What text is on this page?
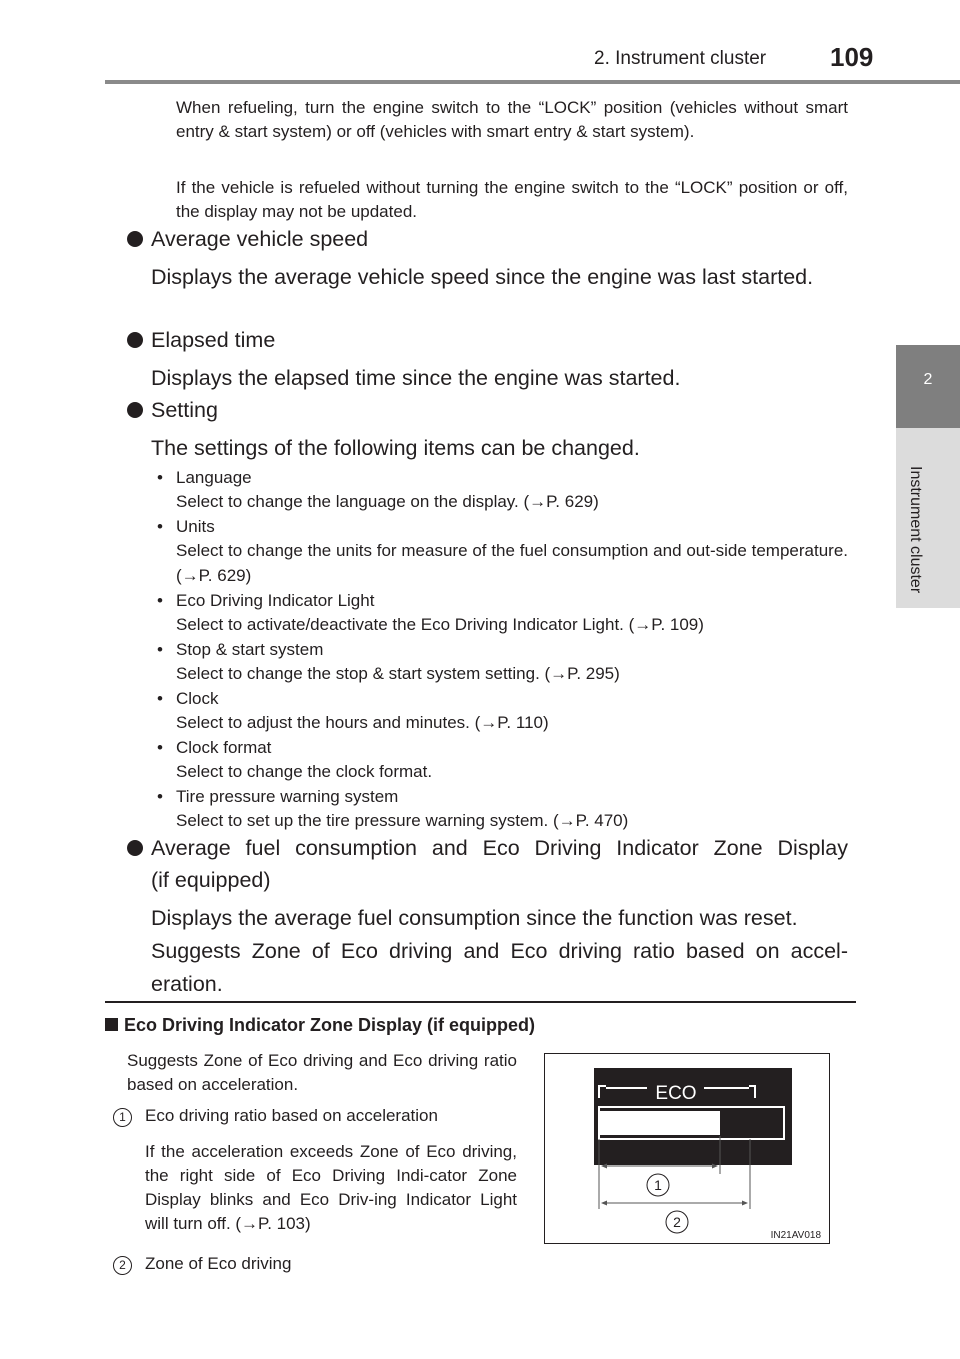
2. Instrument cluster 109
2
Instrument cluster
When refueling, turn the engine switch to the “LOCK” position (vehicles without smart entry & start system) or off (vehicles with smart entry & start system).
If the vehicle is refueled without turning the engine switch to the “LOCK” position or off, the display may not be updated.
Average vehicle speed
Displays the average vehicle speed since the engine was last started.
Elapsed time
Displays the elapsed time since the engine was started.
Setting
The settings of the following items can be changed.
• Language
Select to change the language on the display. (→P. 629)
• Units
Select to change the units for measure of the fuel consumption and out-side temperature. (→P. 629)
• Eco Driving Indicator Light
Select to activate/deactivate the Eco Driving Indicator Light. (→P. 109)
• Stop & start system
Select to change the stop & start system setting. (→P. 295)
• Clock
Select to adjust the hours and minutes. (→P. 110)
• Clock format
Select to change the clock format.
• Tire pressure warning system
Select to set up the tire pressure warning system. (→P. 470)
Average fuel consumption and Eco Driving Indicator Zone Display
(if equipped)
Displays the average fuel consumption since the function was reset.
Suggests Zone of Eco driving and Eco driving ratio based on accel-eration.
Eco Driving Indicator Zone Display (if equipped)
Suggests Zone of Eco driving and Eco driving ratio based on acceleration.
1	Eco driving ratio based on acceleration
If the acceleration exceeds Zone of Eco driving, the right side of Eco Driving Indi-cator Zone Display blinks and Eco Driv-ing Indicator Light will turn off. (→P. 103)
2	Zone of Eco driving
ECO
1
2
IN21AV018
